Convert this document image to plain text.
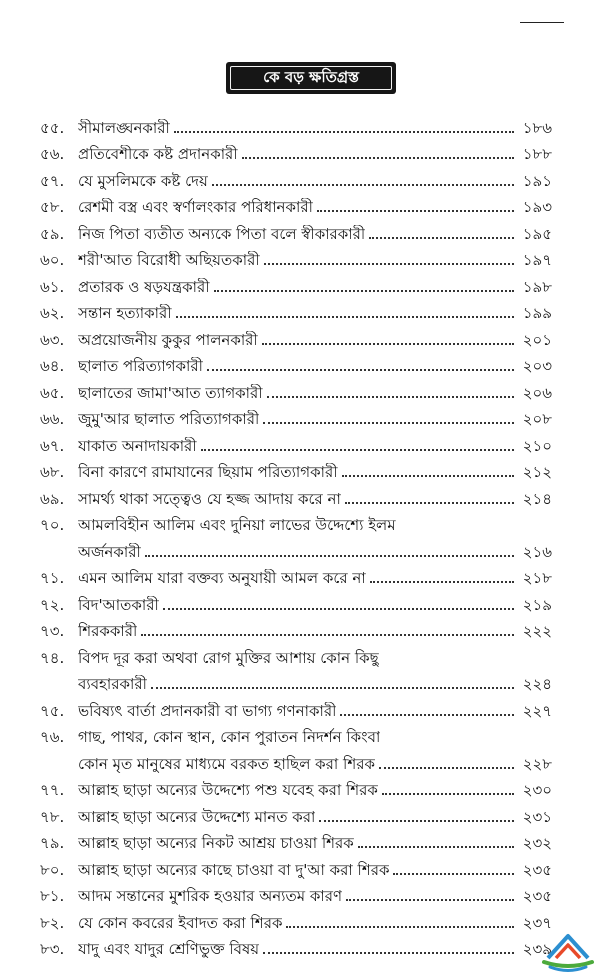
কে বড় ক্ষতিগ্রস্ত
৫৫. সীমালঙ্ঘনকারী	১৮৬
৫৬. প্রতিবেশীকে কষ্ট প্রদানকারী	১৮৮
৫৭. যে মুসলিমকে কষ্ট দেয়	১৯১
৫৮. রেশমী বস্ত্র এবং স্বর্ণালংকার পরিধানকারী	১৯৩
৫৯. নিজ পিতা ব্যতীত অন্যকে পিতা বলে স্বীকারকারী	১৯৫
৬০. শরী'আত বিরোধী অছিয়তকারী	১৯৭
৬১. প্রতারক ও ষড়যন্ত্রকারী	১৯৮
৬২. সন্তান হত্যাকারী	১৯৯
৬৩. অপ্রয়োজনীয় কুকুর পালনকারী	২০১
৬৪. ছালাত পরিত্যাগকারী	২০৩
৬৫. ছালাতের জামা'আত ত্যাগকারী	২০৬
৬৬. জুমু'আর ছালাত পরিত্যাগকারী	২০৮
৬৭. যাকাত অনাদায়কারী	২১০
৬৮. বিনা কারণে রামাযানের ছিয়াম পরিত্যাগকারী	২১২
৬৯. সামর্থ্য থাকা সত্ত্বেও যে হজ্জ আদায় করে না	২১৪
৭০. আমলবিহীন আলিম এবং দুনিয়া লাভের উদ্দেশ্যে ইলম
অর্জনকারী	২১৬
৭১. এমন আলিম যারা বক্তব্য অনুযায়ী আমল করে না	২১৮
৭২. বিদ'আতকারী	২১৯
৭৩. শিরককারী	২২২
৭৪. বিপদ দূর করা অথবা রোগ মুক্তির আশায় কোন কিছু
ব্যবহারকারী	২২৪
৭৫. ভবিষ্যৎ বার্তা প্রদানকারী বা ভাগ্য গণনাকারী	২২৭
৭৬. গাছ, পাথর, কোন স্থান, কোন পুরাতন নিদর্শন কিংবা
কোন মৃত মানুষের মাধ্যমে বরকত হাছিল করা শিরক	২২৮
৭৭. আল্লাহ ছাড়া অন্যের উদ্দেশ্যে পশু যবেহ করা শিরক	২৩০
৭৮. আল্লাহ ছাড়া অন্যের উদ্দেশ্যে মানত করা	২৩১
৭৯. আল্লাহ ছাড়া অন্যের নিকট আশ্রয় চাওয়া শিরক	২৩২
৮০. আল্লাহ ছাড়া অন্যের কাছে চাওয়া বা দু'আ করা শিরক	২৩৫
৮১. আদম সন্তানের মুশরিক হওয়ার অন্যতম কারণ	২৩৫
৮২. যে কোন কবরের ইবাদত করা শিরক	২৩৭
৮৩. যাদু এবং যাদুর শ্রেণিভুক্ত বিষয়	২৩৯
